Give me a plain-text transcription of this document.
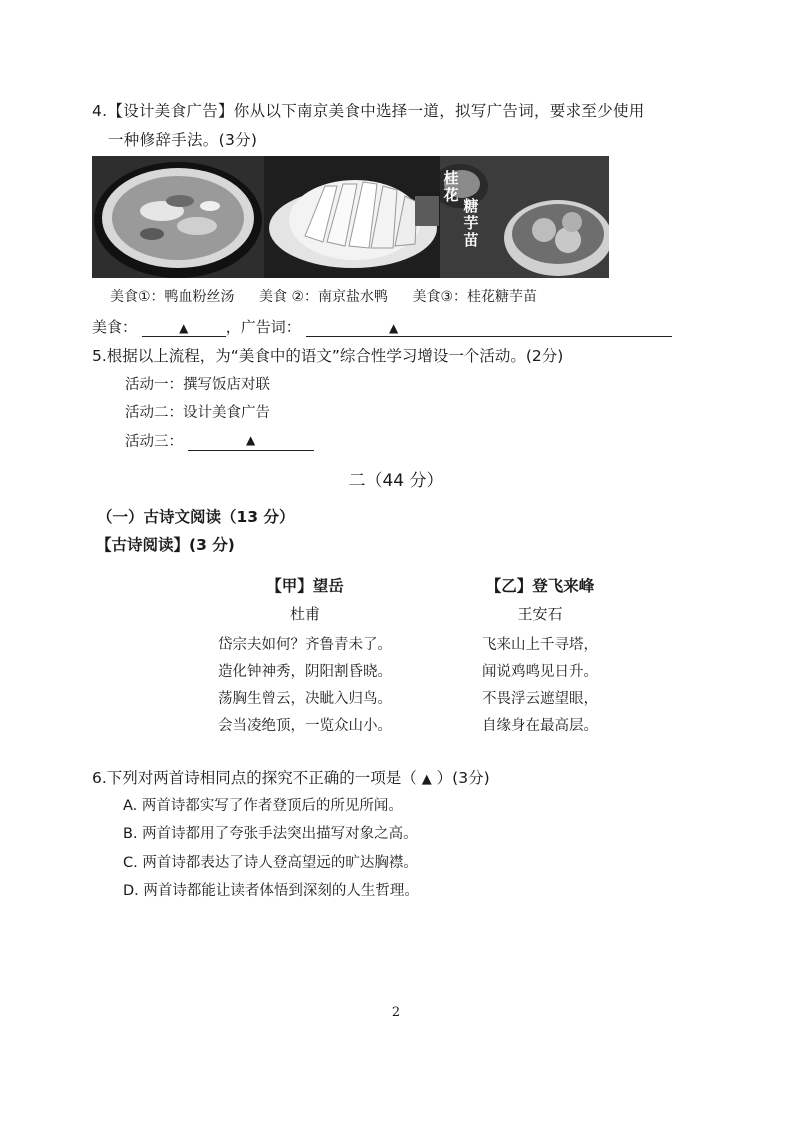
4.【设计美食广告】你从以下南京美食中选择一道，拟写广告词，要求至少使用
一种修辞手法。(3分)
桂花
糖芋苗
美食①：鸭血粉丝汤 美食 ②：南京盐水鸭 美食③：桂花糖芋苗
美食：	▲ ，广告词：	▲
5.根据以上流程，为“美食中的语文”综合性学习增设一个活动。(2分)
活动一：撰写饭店对联
活动二：设计美食广告
活动三：	▲
二（44 分）
（一）古诗文阅读（13 分）
【古诗阅读】(3 分)
【甲】望岳
杜甫
岱宗夫如何？齐鲁青未了。
造化钟神秀，阴阳割昏晓。
荡胸生曾云，决眦入归鸟。
会当凌绝顶，一览众山小。
【乙】登飞来峰
王安石
飞来山上千寻塔，
闻说鸡鸣见日升。
不畏浮云遮望眼，
自缘身在最高层。
6.下列对两首诗相同点的探究不正确的一项是（ ▲ ）(3分)
A. 两首诗都实写了作者登顶后的所见所闻。
B. 两首诗都用了夸张手法突出描写对象之高。
C. 两首诗都表达了诗人登高望远的旷达胸襟。
D. 两首诗都能让读者体悟到深刻的人生哲理。
2
